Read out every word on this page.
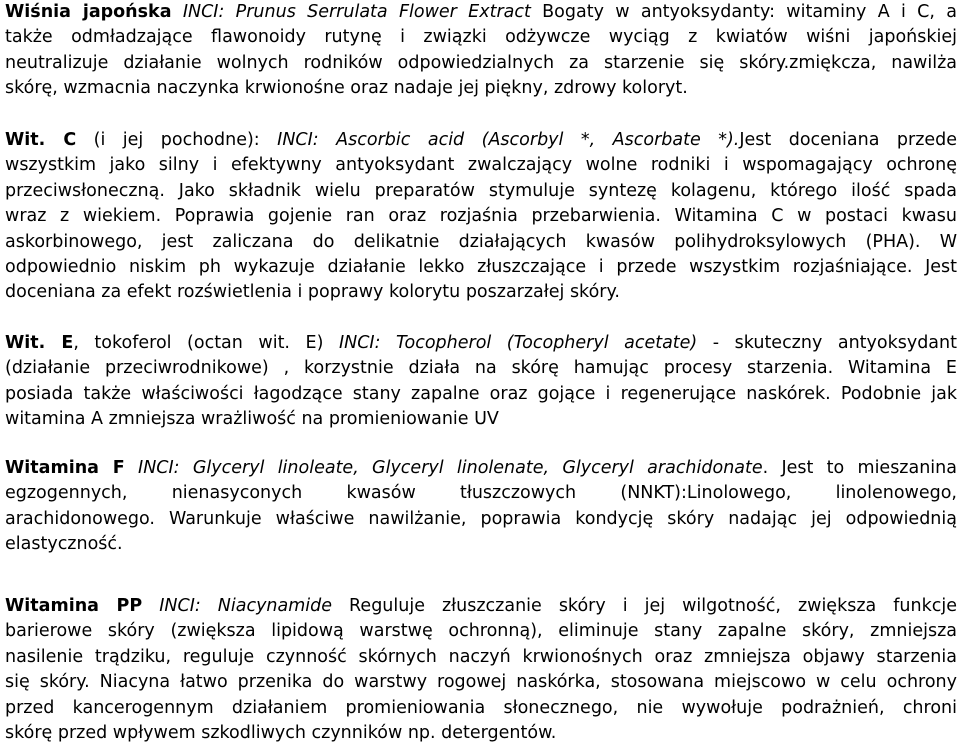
Wiśnia japońska INCI: Prunus Serrulata Flower Extract Bogaty w antyoksydanty: witaminy A i C, a
także odmładzające flawonoidy rutynę i związki odżywcze wyciąg z kwiatów wiśni japońskiej
neutralizuje działanie wolnych rodników odpowiedzialnych za starzenie się skóry.zmiękcza, nawilża
skórę, wzmacnia naczynka krwionośne oraz nadaje jej piękny, zdrowy koloryt.
Wit. C (i jej pochodne): INCI: Ascorbic acid (Ascorbyl *, Ascorbate *).Jest doceniana przede
wszystkim jako silny i efektywny antyoksydant zwalczający wolne rodniki i wspomagający ochronę
przeciwsłoneczną. Jako składnik wielu preparatów stymuluje syntezę kolagenu, którego ilość spada
wraz z wiekiem. Poprawia gojenie ran oraz rozjaśnia przebarwienia. Witamina C w postaci kwasu
askorbinowego, jest zaliczana do delikatnie działających kwasów polihydroksylowych (PHA). W
odpowiednio niskim ph wykazuje działanie lekko złuszczające i przede wszystkim rozjaśniające. Jest
doceniana za efekt rozświetlenia i poprawy kolorytu poszarzałej skóry.
Wit. E, tokoferol (octan wit. E) INCI: Tocopherol (Tocopheryl acetate) - skuteczny antyoksydant
(działanie przeciwrodnikowe) , korzystnie działa na skórę hamując procesy starzenia. Witamina E
posiada także właściwości łagodzące stany zapalne oraz gojące i regenerujące naskórek. Podobnie jak
witamina A zmniejsza wrażliwość na promieniowanie UV
Witamina F INCI: Glyceryl linoleate, Glyceryl linolenate, Glyceryl arachidonate. Jest to mieszanina
egzogennych, nienasyconych kwasów tłuszczowych (NNKT):Linolowego, linolenowego,
arachidonowego. Warunkuje właściwe nawilżanie, poprawia kondycję skóry nadając jej odpowiednią
elastyczność.
Witamina PP INCI: Niacynamide Reguluje złuszczanie skóry i jej wilgotność, zwiększa funkcje
barierowe skóry (zwiększa lipidową warstwę ochronną), eliminuje stany zapalne skóry, zmniejsza
nasilenie trądziku, reguluje czynność skórnych naczyń krwionośnych oraz zmniejsza objawy starzenia
się skóry. Niacyna łatwo przenika do warstwy rogowej naskórka, stosowana miejscowo w celu ochrony
przed kancerogennym działaniem promieniowania słonecznego, nie wywołuje podrażnień, chroni
skórę przed wpływem szkodliwych czynników np. detergentów.
